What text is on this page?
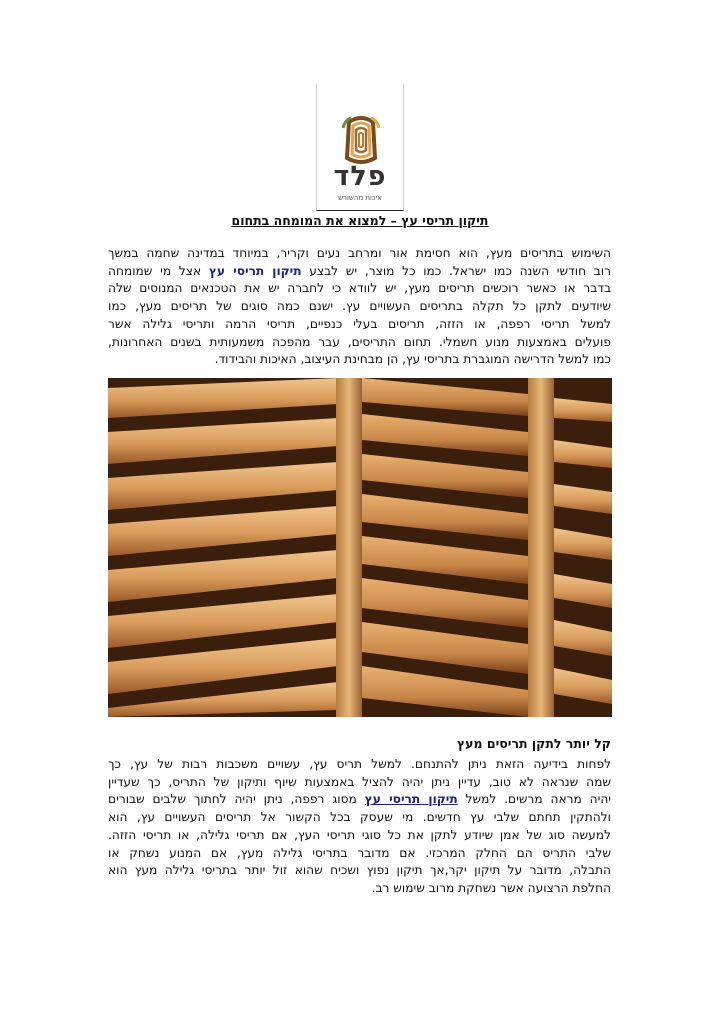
פלד
איכות מהשורש
תיקון תריסי עץ – למצוא את המומחה בתחום
השימוש בתריסים מעץ, הוא חסימת אור ומרחב נעים וקריר, במיוחד במדינה שחמה במשך
רוב חודשי השנה כמו ישראל. כמו כל מוצר, יש לבצע תיקון תריסי עץ אצל מי שמומחה
בדבר או כאשר רוכשים תריסים מעץ, יש לוודא כי לחברה יש את הטכנאים המנוסים שלה
שיודעים לתקן כל תקלה בתריסים העשויים עץ. ישנם כמה סוגים של תריסים מעץ, כמו
למשל תריסי רפפה, או הזזה, תריסים בעלי כנפיים, תריסי הרמה ותריסי גלילה אשר
פועלים באמצעות מנוע חשמלי. תחום התריסים, עבר מהפכה משמעותית בשנים האחרונות,
כמו למשל הדרישה המוגברת בתריסי עץ, הן מבחינת העיצוב, האיכות והבידוד.
קל יותר לתקן תריסים מעץ
לפחות בידיעה הזאת ניתן להתנחם. למשל תריס עץ, עשויים משכבות רבות של עץ, כך
שמה שנראה לא טוב, עדיין ניתן יהיה להציל באמצעות שיוף ותיקון של התריס, כך שעדיין
יהיה מראה מרשים. למשל תיקון תריסי עץ מסוג רפפה, ניתן יהיה לחתוך שלבים שבורים
ולהתקין תחתם שלבי עץ חדשים. מי שעסק בכל הקשור אל תריסים העשויים עץ, הוא
למעשה סוג של אמן שיודע לתקן את כל סוגי תריסי העץ, אם תריסי גלילה, או תריסי הזזה.
שלבי התריס הם החלק המרכזי. אם מדובר בתריסי גלילה מעץ, אם המנוע נשחק או
התבלה, מדובר על תיקון יקר,אך תיקון נפוץ ושכיח שהוא זול יותר בתריסי גלילה מעץ הוא
החלפת הרצועה אשר נשחקת מרוב שימוש רב.
